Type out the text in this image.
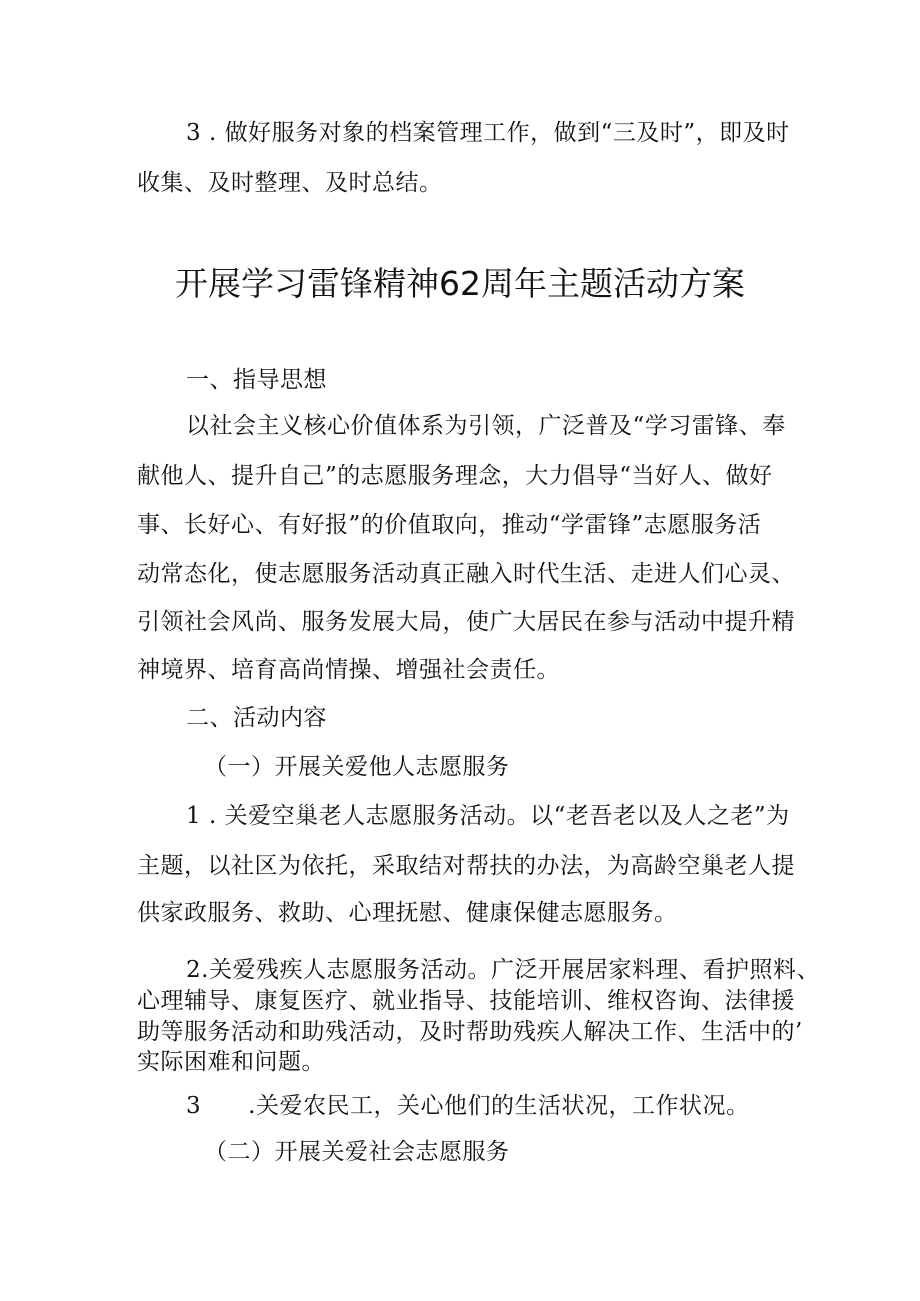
3 . 做好服务对象的档案管理工作，做到“三及时”，即及时
收集、及时整理、及时总结。
开展学习雷锋精神62周年主题活动方案
一、指导思想
以社会主义核心价值体系为引领，广泛普及“学习雷锋、奉
献他人、提升自己”的志愿服务理念，大力倡导“当好人、做好
事、长好心、有好报”的价值取向，推动“学雷锋”志愿服务活
动常态化，使志愿服务活动真正融入时代生活、走进人们心灵、
引领社会风尚、服务发展大局，使广大居民在参与活动中提升精
神境界、培育高尚情操、增强社会责任。
二、活动内容
（一）开展关爱他人志愿服务
1 . 关爱空巢老人志愿服务活动。以“老吾老以及人之老”为
主题，以社区为依托，采取结对帮扶的办法，为高龄空巢老人提
供家政服务、救助、心理抚慰、健康保健志愿服务。
2.关爱残疾人志愿服务活动。广泛开展居家料理、看护照料、
心理辅导、康复医疗、就业指导、技能培训、维权咨询、法律援
助等服务活动和助残活动，及时帮助残疾人解决工作、生活中的’
实际困难和问题。
3　　.关爱农民工，关心他们的生活状况，工作状况。
（二）开展关爱社会志愿服务
